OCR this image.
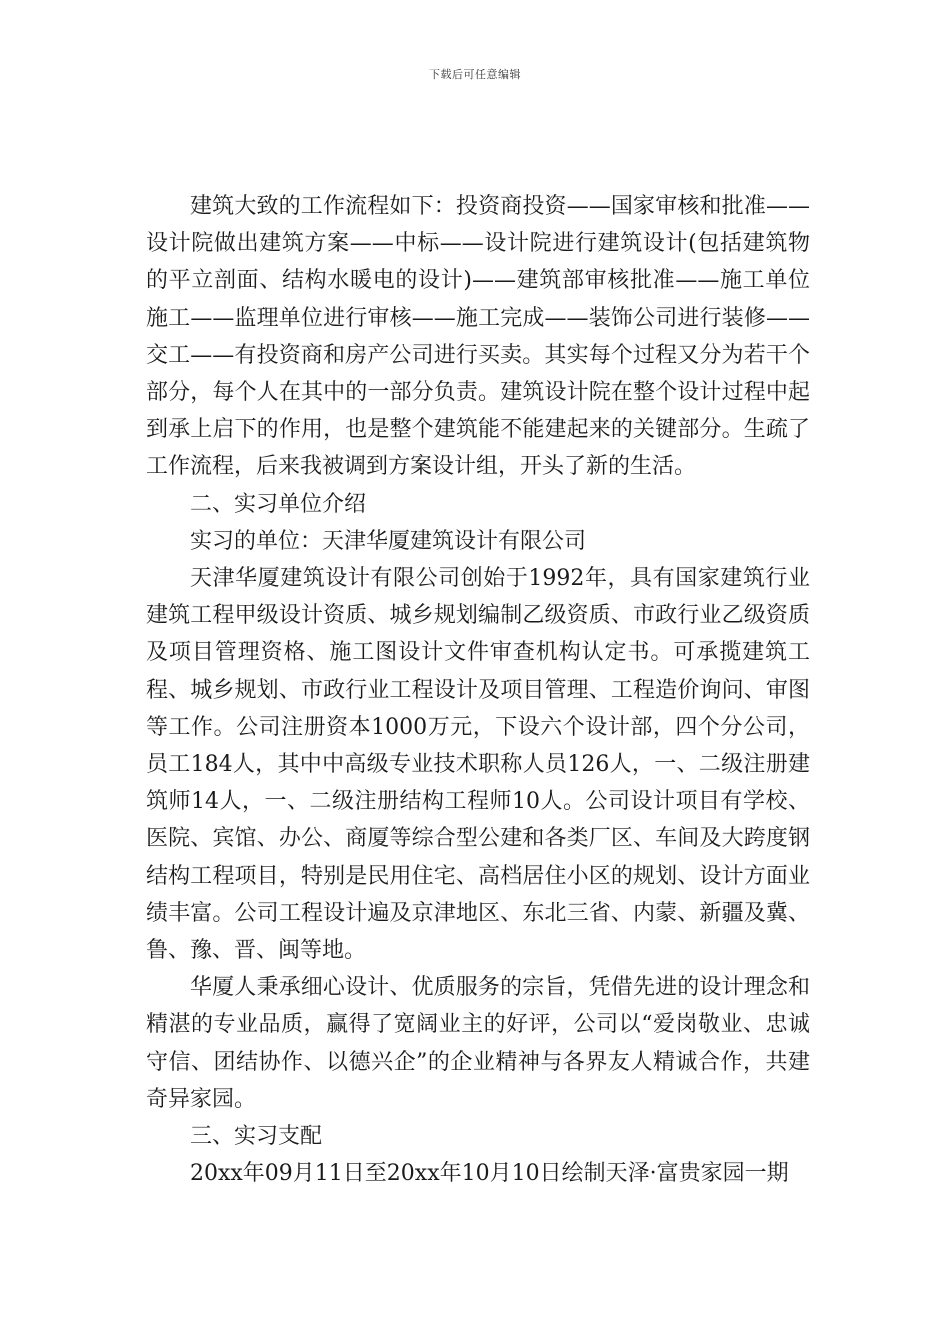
下载后可任意编辑

建筑大致的工作流程如下：投资商投资——国家审核和批准——设计院做出建筑方案——中标——设计院进行建筑设计(包括建筑物的平立剖面、结构水暖电的设计)——建筑部审核批准——施工单位施工——监理单位进行审核——施工完成——装饰公司进行装修——交工——有投资商和房产公司进行买卖。其实每个过程又分为若干个部分，每个人在其中的一部分负责。建筑设计院在整个设计过程中起到承上启下的作用，也是整个建筑能不能建起来的关键部分。生疏了工作流程，后来我被调到方案设计组，开头了新的生活。

二、实习单位介绍

实习的单位：天津华厦建筑设计有限公司

天津华厦建筑设计有限公司创始于1992年，具有国家建筑行业建筑工程甲级设计资质、城乡规划编制乙级资质、市政行业乙级资质及项目管理资格、施工图设计文件审查机构认定书。可承揽建筑工程、城乡规划、市政行业工程设计及项目管理、工程造价询问、审图等工作。公司注册资本1000万元，下设六个设计部，四个分公司，员工184人，其中中高级专业技术职称人员126人，一、二级注册建筑师14人，一、二级注册结构工程师10人。公司设计项目有学校、医院、宾馆、办公、商厦等综合型公建和各类厂区、车间及大跨度钢结构工程项目，特别是民用住宅、高档居住小区的规划、设计方面业绩丰富。公司工程设计遍及京津地区、东北三省、内蒙、新疆及冀、鲁、豫、晋、闽等地。

华厦人秉承细心设计、优质服务的宗旨，凭借先进的设计理念和精湛的专业品质，赢得了宽阔业主的好评，公司以“爱岗敬业、忠诚守信、团结协作、以德兴企”的企业精神与各界友人精诚合作，共建奇异家园。

三、实习支配

20xx年09月11日至20xx年10月10日绘制天泽·富贵家园一期
